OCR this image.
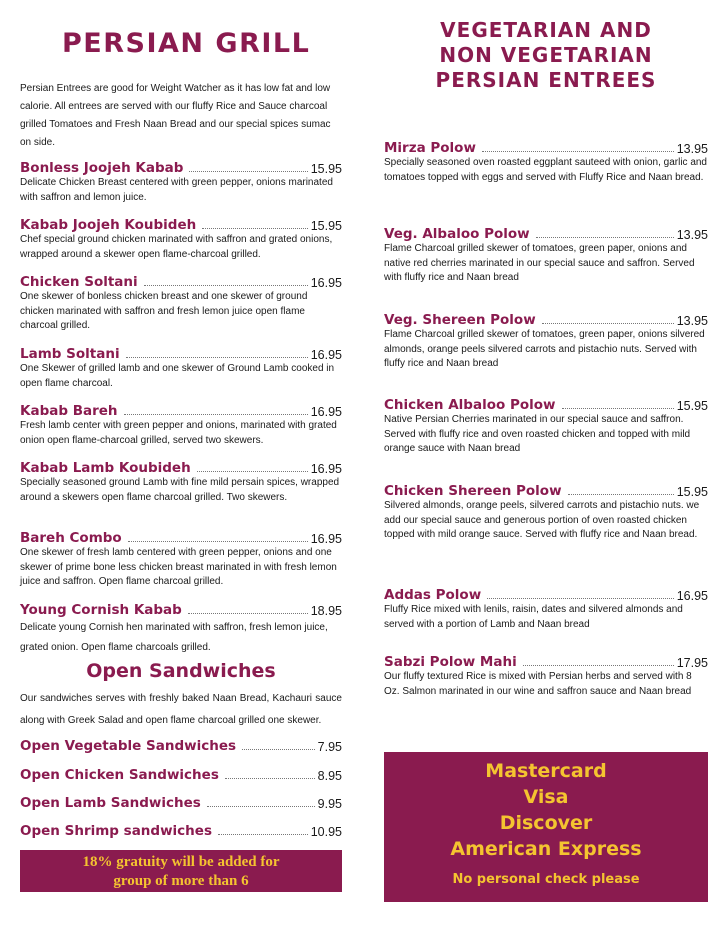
PERSIAN GRILL	VEGETARIAN AND
NON VEGETARIAN
PERSIAN ENTREES
Persian Entrees are good for Weight Watcher as it has low fat and low calorie. All entrees are served with our fluffy Rice and Sauce charcoal grilled Tomatoes and Fresh Naan Bread and our special spices sumac on side.
Bonless Joojeh Kabab	15.95
Delicate Chicken Breast centered with green pepper, onions marinated with saffron and lemon juice.
Kabab Joojeh Koubideh	15.95
Chef special ground chicken marinated with saffron and grated onions, wrapped around a skewer open flame-charcoal grilled.
Chicken Soltani	16.95
One skewer of bonless chicken breast and one skewer of ground chicken marinated with saffron and fresh lemon juice open flame charcoal grilled.
Lamb Soltani	16.95
One Skewer of grilled lamb and one skewer of Ground Lamb cooked in open flame charcoal.
Kabab Bareh	16.95
Fresh lamb center with green pepper and onions, marinated with grated onion open flame-charcoal grilled, served two skewers.
Kabab Lamb Koubideh	16.95
Specially seasoned ground Lamb with fine mild persain spices, wrapped around a skewers open flame charcoal grilled. Two skewers.
Bareh Combo	16.95
One skewer of fresh lamb centered with green pepper, onions and one skewer of prime bone less chicken breast marinated in with fresh lemon juice and saffron. Open flame charcoal grilled.
Young Cornish Kabab	18.95
Delicate young Cornish hen marinated with saffron, fresh lemon juice, grated onion. Open flame charcoals grilled.
Open Sandwiches
Our sandwiches serves with freshly baked Naan Bread, Kachauri sauce along with Greek Salad and open flame charcoal grilled one skewer.
Open Vegetable Sandwiches	7.95
Open Chicken Sandwiches	8.95
Open Lamb Sandwiches	9.95
Open Shrimp sandwiches	10.95
18% gratuity will be added for
group of more than 6
Mirza Polow	13.95
Specially seasoned oven roasted eggplant sauteed with onion, garlic and tomatoes topped with eggs and served with Fluffy Rice and Naan bread.
Veg. Albaloo Polow	13.95
Flame Charcoal grilled skewer of tomatoes, green paper, onions and native red cherries marinated in our special sauce and saffron. Served with fluffy rice and Naan bread
Veg. Shereen Polow	13.95
Flame Charcoal grilled skewer of tomatoes, green paper, onions silvered almonds, orange peels silvered carrots and pistachio nuts. Served with fluffy rice and Naan bread
Chicken Albaloo Polow	15.95
Native Persian Cherries marinated in our special sauce and saffron. Served with fluffy rice and oven roasted chicken and topped with mild orange sauce with Naan bread
Chicken Shereen Polow	15.95
Silvered almonds, orange peels, silvered carrots and pistachio nuts. we add our special sauce and generous portion of oven roasted chicken topped with mild orange sauce. Served with fluffy rice and Naan bread.
Addas Polow	16.95
Fluffy Rice mixed with lenils, raisin, dates and silvered almonds and served with a portion of Lamb and Naan bread
Sabzi Polow Mahi	17.95
Our fluffy textured Rice is mixed with Persian herbs and served with 8 Oz. Salmon marinated in our wine and saffron sauce and Naan bread
Mastercard
Visa
Discover
American Express
No personal check please
